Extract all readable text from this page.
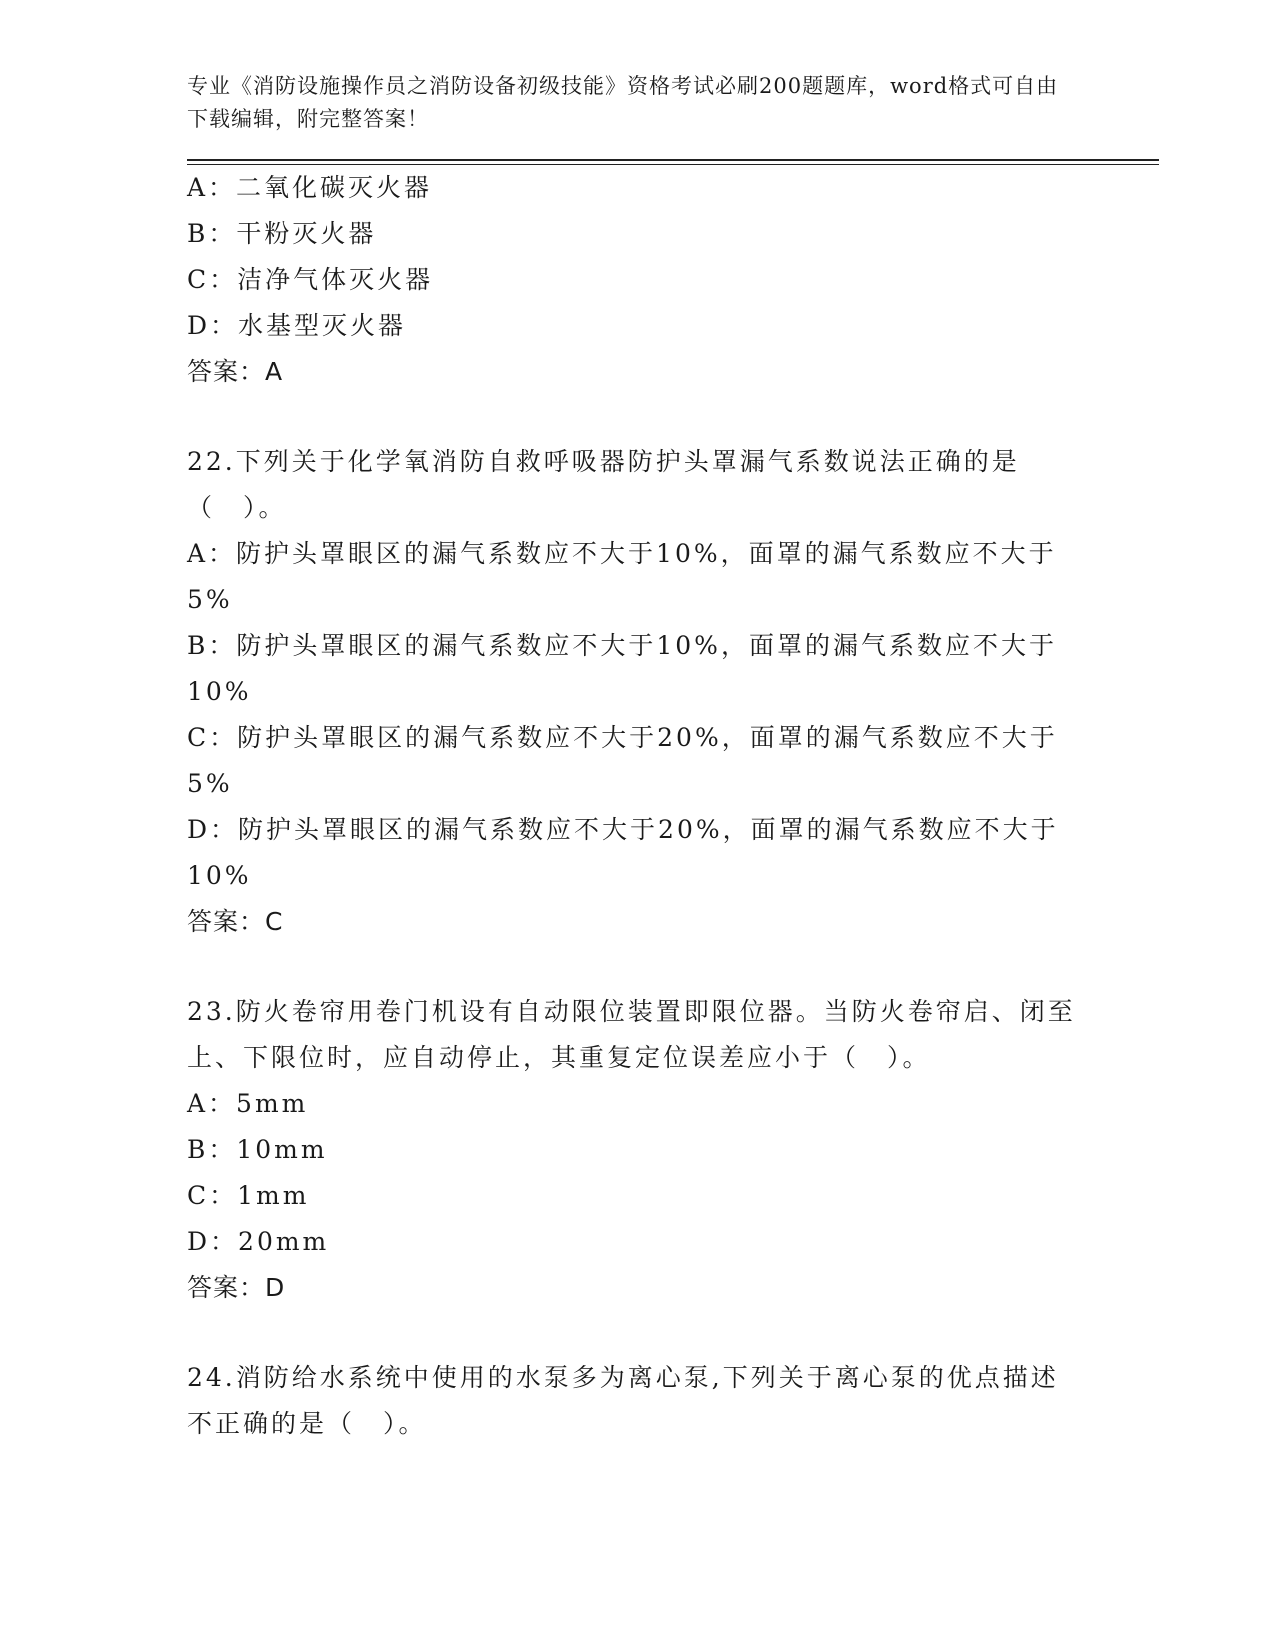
专业《消防设施操作员之消防设备初级技能》资格考试必刷200题题库，word格式可自由下载编辑，附完整答案！
A：二氧化碳灭火器
B：干粉灭火器
C：洁净气体灭火器
D：水基型灭火器
答案：A
22.下列关于化学氧消防自救呼吸器防护头罩漏气系数说法正确的是（　）。
A：防护头罩眼区的漏气系数应不大于10%，面罩的漏气系数应不大于5%
B：防护头罩眼区的漏气系数应不大于10%，面罩的漏气系数应不大于10%
C：防护头罩眼区的漏气系数应不大于20%，面罩的漏气系数应不大于5%
D：防护头罩眼区的漏气系数应不大于20%，面罩的漏气系数应不大于10%
答案：C
23.防火卷帘用卷门机设有自动限位装置即限位器。当防火卷帘启、闭至上、下限位时，应自动停止，其重复定位误差应小于（　）。
A：5mm
B：10mm
C：1mm
D：20mm
答案：D
24.消防给水系统中使用的水泵多为离心泵,下列关于离心泵的优点描述不正确的是（　）。
